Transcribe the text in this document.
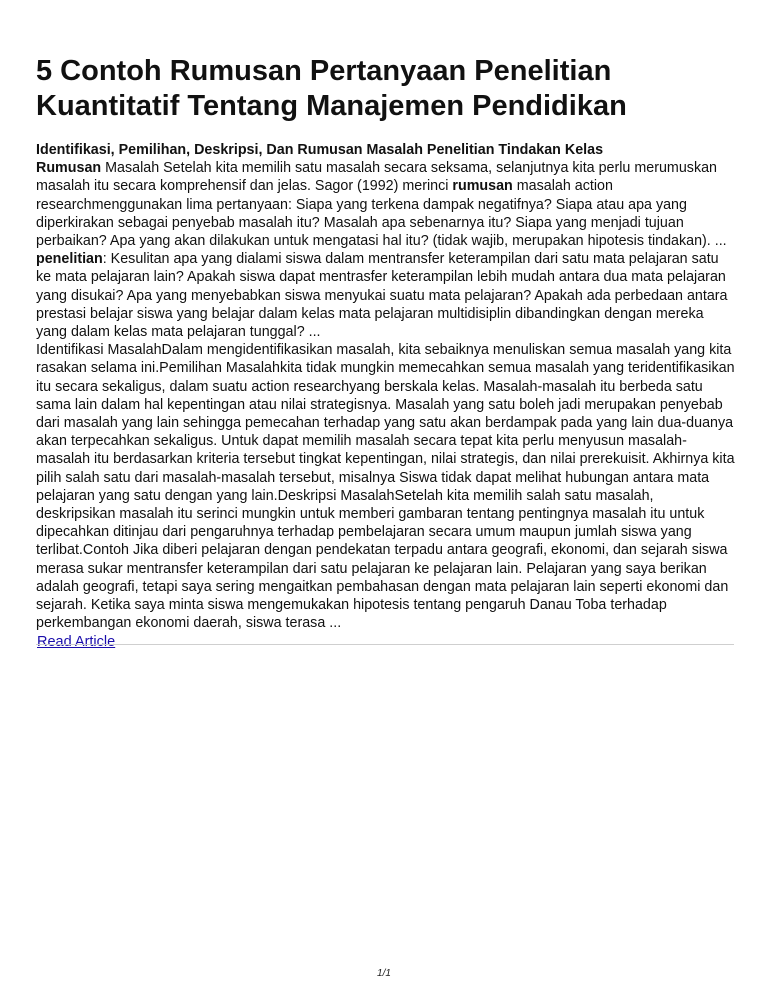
5 Contoh Rumusan Pertanyaan Penelitian
Kuantitatif Tentang Manajemen Pendidikan
Identifikasi, Pemilihan, Deskripsi, Dan Rumusan Masalah Penelitian Tindakan Kelas

Rumusan Masalah Setelah kita memilih satu masalah secara seksama, selanjutnya kita perlu merumuskan masalah itu secara komprehensif dan jelas. Sagor (1992) merinci rumusan masalah action researchmenggunakan lima pertanyaan: Siapa yang terkena dampak negatifnya? Siapa atau apa yang diperkirakan sebagai penyebab masalah itu? Masalah apa sebenarnya itu? Siapa yang menjadi tujuan perbaikan? Apa yang akan dilakukan untuk mengatasi hal itu? (tidak wajib, merupakan hipotesis tindakan). ...

penelitian: Kesulitan apa yang dialami siswa dalam mentransfer keterampilan dari satu mata pelajaran satu ke mata pelajaran lain? Apakah siswa dapat mentrasfer keterampilan lebih mudah antara dua mata pelajaran yang disukai? Apa yang menyebabkan siswa menyukai suatu mata pelajaran? Apakah ada perbedaan antara prestasi belajar siswa yang belajar dalam kelas mata pelajaran multidisiplin dibandingkan dengan mereka yang dalam kelas mata pelajaran tunggal? ...

Identifikasi MasalahDalam mengidentifikasikan masalah, kita sebaiknya menuliskan semua masalah yang kita rasakan selama ini.Pemilihan Masalahkita tidak mungkin memecahkan semua masalah yang teridentifikasikan itu secara sekaligus, dalam suatu action researchyang berskala kelas. Masalah-masalah itu berbeda satu sama lain dalam hal kepentingan atau nilai strategisnya. Masalah yang satu boleh jadi merupakan penyebab dari masalah yang lain sehingga pemecahan terhadap yang satu akan berdampak pada yang lain dua-duanya akan terpecahkan sekaligus. Untuk dapat memilih masalah secara tepat kita perlu menyusun masalah-masalah itu berdasarkan kriteria tersebut tingkat kepentingan, nilai strategis, dan nilai prerekuisit. Akhirnya kita pilih salah satu dari masalah-masalah tersebut, misalnya Siswa tidak dapat melihat hubungan antara mata pelajaran yang satu dengan yang lain.Deskripsi MasalahSetelah kita memilih salah satu masalah, deskripsikan masalah itu serinci mungkin untuk memberi gambaran tentang pentingnya masalah itu untuk dipecahkan ditinjau dari pengaruhnya terhadap pembelajaran secara umum maupun jumlah siswa yang terlibat.Contoh Jika diberi pelajaran dengan pendekatan terpadu antara geografi, ekonomi, dan sejarah siswa merasa sukar mentransfer keterampilan dari satu pelajaran ke pelajaran lain. Pelajaran yang saya berikan adalah geografi, tetapi saya sering mengaitkan pembahasan dengan mata pelajaran lain seperti ekonomi dan sejarah. Ketika saya minta siswa mengemukakan hipotesis tentang pengaruh Danau Toba terhadap perkembangan ekonomi daerah, siswa terasa ...

Read Article
1/1
